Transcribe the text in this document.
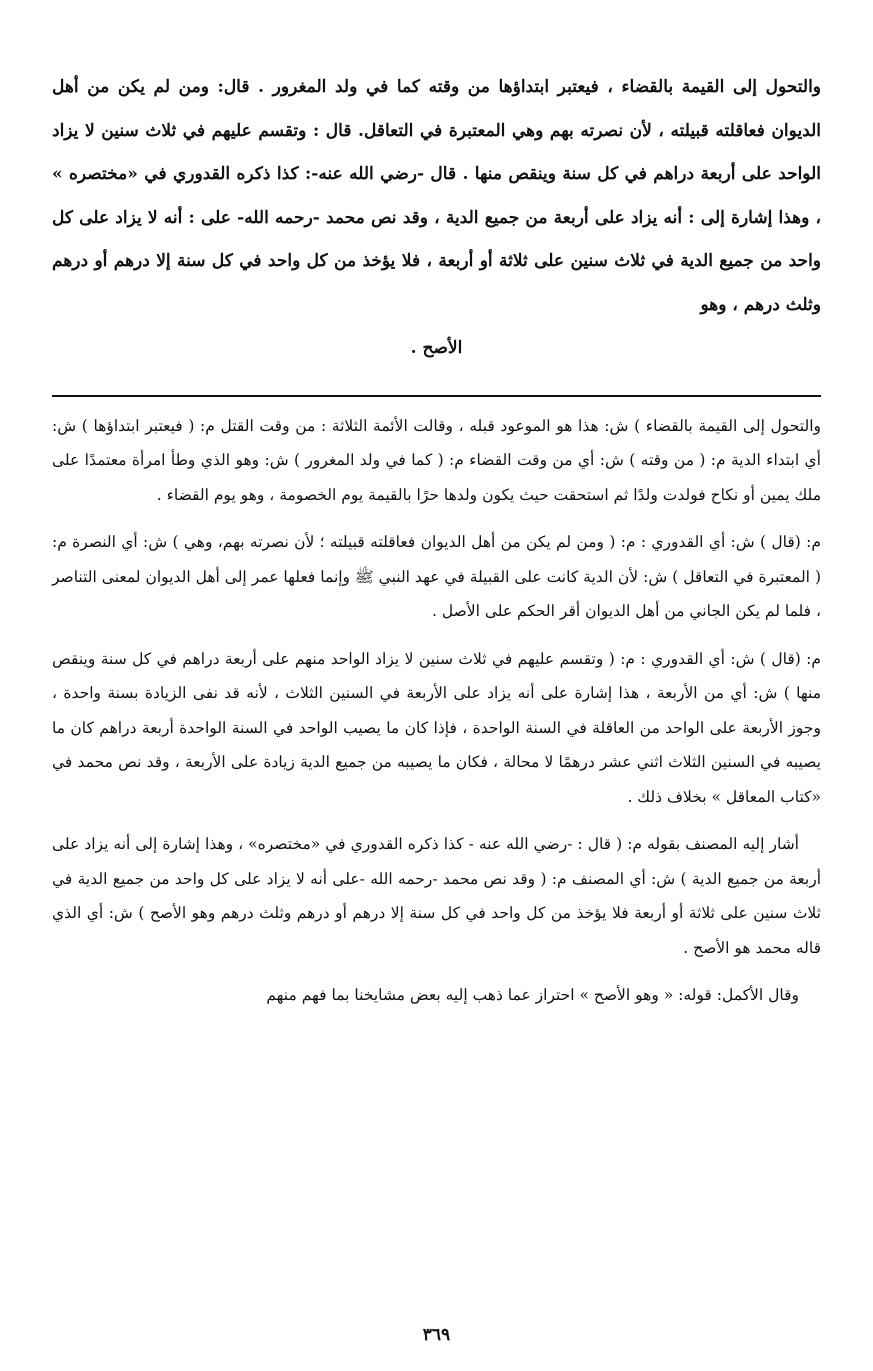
والتحول إلى القيمة بالقضاء ، فيعتبر ابتداؤها من وقته كما في ولد المغرور . قال: ومن لم يكن من أهل الديوان فعاقلته قبيلته ، لأن نصرته بهم وهي المعتبرة في التعاقل. قال : وتقسم عليهم في ثلاث سنين لا يزاد الواحد على أربعة دراهم في كل سنة وينقص منها . قال -رضي الله عنه-: كذا ذكره القدوري في «مختصره » ، وهذا إشارة إلى : أنه يزاد على أربعة من جميع الدية ، وقد نص محمد -رحمه الله- على : أنه لا يزاد على كل واحد من جميع الدية في ثلاث سنين على ثلاثة أو أربعة ، فلا يؤخذ من كل واحد في كل سنة إلا درهم أو درهم وثلث درهم ، وهو

الأصح .

والتحول إلى القيمة بالقضاء ) ش: هذا هو الموعود قبله ، وقالت الأئمة الثلاثة : من وقت القتل م: ( فيعتبر ابتداؤها ) ش: أي ابتداء الدية م: ( من وقته ) ش: أي من وقت القضاء م: ( كما في ولد المغرور ) ش: وهو الذي وطأ امرأة معتمدًا على ملك يمين أو نكاح فولدت ولدًا ثم استحقت حيث يكون ولدها حرًا بالقيمة يوم الخصومة ، وهو يوم القضاء .

م: (قال ) ش: أي القدوري : م: ( ومن لم يكن من أهل الديوان فعاقلته قبيلته ؛ لأن نصرته بهم، وهي ) ش: أي النصرة م: ( المعتبرة في التعاقل ) ش: لأن الدية كانت على القبيلة في عهد النبي ﷺ وإنما فعلها عمر إلى أهل الديوان لمعنى التناصر ، فلما لم يكن الجاني من أهل الديوان أقر الحكم على الأصل .

م: (قال ) ش: أي القدوري : م: ( وتقسم عليهم في ثلاث سنين لا يزاد الواحد منهم على أربعة دراهم في كل سنة وينقص منها ) ش: أي من الأربعة ، هذا إشارة على أنه يزاد على الأربعة في السنين الثلاث ، لأنه قد نفى الزيادة بسنة واحدة ، وجوز الأربعة على الواحد من العاقلة في السنة الواحدة ، فإذا كان ما يصيب الواحد في السنة الواحدة أربعة دراهم كان ما يصيبه في السنين الثلاث اثني عشر درهمًا لا محالة ، فكان ما يصيبه من جميع الدية زيادة على الأربعة ، وقد نص محمد في «كتاب المعاقل » بخلاف ذلك .

أشار إليه المصنف بقوله م: ( قال : -رضي الله عنه - كذا ذكره القدوري في «مختصره» ، وهذا إشارة إلى أنه يزاد على أربعة من جميع الدية ) ش: أي المصنف م: ( وقد نص محمد -رحمه الله -على أنه لا يزاد على كل واحد من جميع الدية في ثلاث سنين على ثلاثة أو أربعة فلا يؤخذ من كل واحد في كل سنة إلا درهم أو درهم وثلث درهم وهو الأصح ) ش: أي الذي قاله محمد هو الأصح .

وقال الأكمل: قوله: « وهو الأصح » احتراز عما ذهب إليه بعض مشايخنا بما فهم منهم

٣٦٩
